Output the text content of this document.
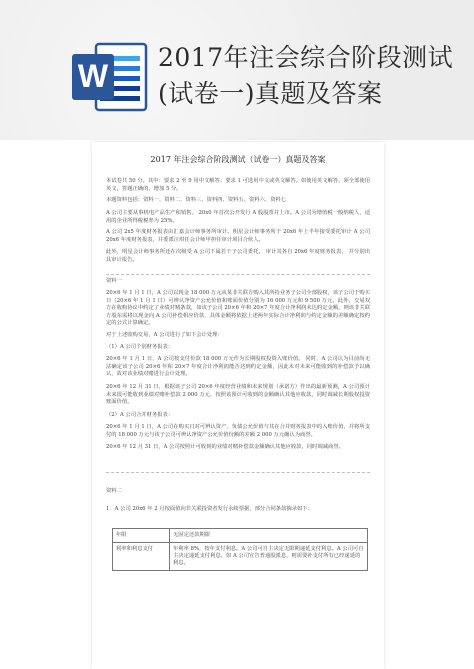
W
2017年注会综合阶段测试
(试卷一)真题及答案
2017 年注会综合阶段测试（试卷一）真题及答案
本试卷共 50 分。其中：要求 2 至 9 用中文解答；要求 1 可选用中文或英文解答。如使用英文解答，须全部使用英文，答题正确的，增加 5 分。
本题资料包括：资料一、资料二、资料三、资料四、资料五、资料六、资料七
A 公司主要从事机电产品生产和销售。 20x0 年首次公开发行 A 股股票并上市。A 公司为增值税一般纳税人，适用的企业所得税税率为 25%。
A 公司 2x5 年度财务报表由汇嘉会计师事务所审计。明星会计师事务所于 20x6 年上半年接受委托审计 A 公司 20x6 年度财务报表，并委派汪琪任会计师甲担任审计项目合伙人。
此外，明星会计师事务所还在次级受 A 公司下属若干子公司委托。 审计其各自 20x6 年度财务报表， 并分别出具审计报告。
资料一
20×6 年 1 月 1 日，A 公司以现金 18 000 万元从某非关联方购入其所持业务子公司全部股权，该子公司于购买日（20×6 年 1 月 1 日）可辨认净资产公允价值和账面价值分别为 16 000 万元和 9 500 万元，此外，交易双方在收购协议中约定了业绩对赌条款，如该子公司 20×6 年和 20×7 年度合计净利润未达约定金额，则该非关联方股东需将以现金向 A 公司补偿相应价款，具体金额将依据上述两年实际合计净利润与约定金额的差额确定按约定的公式计算确定。
对于上述收购交易，A 公司进行了如下会计处理：
（1）A 公司个别财务报表：
20×6 年 1 月 1 日，A 公司按支付价款 18 000 万元作为长期股权投资入账价值。 同时，A 公司认为目前尚无法确定该子公司 20×6 年和 20×7 年度合计净利润能否达到约定金额，因此未对未来可能收到的补偿款予以确认，故对该业绩对赌进行会计处理。
20×6 年 12 月 31 日，根据该子公司 20×6 年度经营业绩和未来规划（承诺方）作出的最新预测，A 公司预计未来很可能收到业绩对赌补偿款 2 000 万元，按照该预计可收到的金额确认其他应收款，同时调减长期股权投资账面价值。
（2）A 公司合并财务报表：
20×6 年 1 月 1 日，A 公司在购买日对可辨认资产、负债公允价值与其在合并财务报表中的入账价值，并将所支付的 18 000 万元与该子公司可辨认净资产公允价值份额的差额 2 000 万元确认为商誉。
20×6 年 12 月 31 日，A 公司按照计可收到的业绩对赌补偿款金额确认其他应收款，同时调减商誉。
资料二
1．A 公司 20x6 年 2 月按面值向非关联投资者发行永续票据，部分合同条款摘录如下：
年限	无固定还款期限
利率和利息支付	年利率 8%，按年支付利息。A 公司可自主决定无限期递延支付利息。A 公司可自主决定递延支付利息，如 A 公司宣告普通股派息，则需要补支付所有已经递延的利息。
